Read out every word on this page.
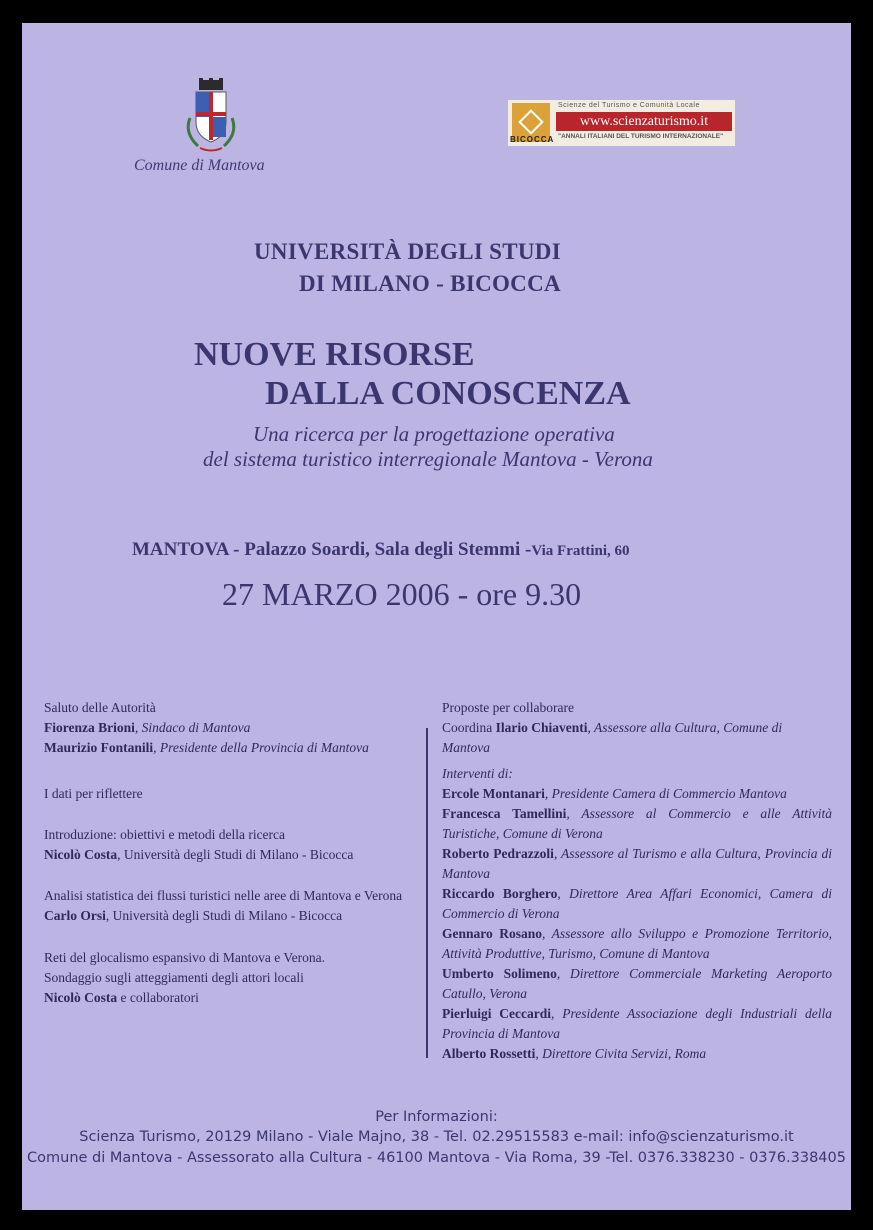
Comune di Mantova
BICOCCA
Scienze del Turismo e Comunità Locale
www.scienzaturismo.it
"ANNALI ITALIANI DEL TURISMO INTERNAZIONALE"
UNIVERSITÀ DEGLI STUDI
DI MILANO - BICOCCA
NUOVE RISORSE
DALLA CONOSCENZA
Una ricerca per la progettazione operativa
del sistema turistico interregionale Mantova - Verona
MANTOVA - Palazzo Soardi, Sala degli Stemmi -Via Frattini, 60
27 MARZO 2006 - ore 9.30

Saluto delle Autorità

Fiorenza Brioni, Sindaco di Mantova

Maurizio Fontanili, Presidente della Provincia di Mantova

I dati per riflettere

Introduzione: obiettivi e metodi della ricerca

Nicolò Costa, Università degli Studi di Milano - Bicocca

Analisi statistica dei flussi turistici nelle aree di Mantova e Verona

Carlo Orsi, Università degli Studi di Milano - Bicocca

Reti del glocalismo espansivo di Mantova e Verona.

Sondaggio sugli atteggiamenti degli attori locali

Nicolò Costa e collaboratori

Proposte per collaborare

Coordina Ilario Chiaventi, Assessore alla Cultura, Comune di Mantova

Interventi di:

Ercole Montanari, Presidente Camera di Commercio Mantova

Francesca Tamellini, Assessore al Commercio e alle Attività Turistiche, Comune di Verona

Roberto Pedrazzoli, Assessore al Turismo e alla Cultura, Provincia di Mantova

Riccardo Borghero, Direttore Area Affari Economici, Camera di Commercio di Verona

Gennaro Rosano, Assessore allo Sviluppo e Promozione Territorio, Attività Produttive, Turismo, Comune di Mantova

Umberto Solimeno, Direttore Commerciale Marketing Aeroporto Catullo, Verona

Pierluigi Ceccardi, Presidente Associazione degli Industriali della Provincia di Mantova

Alberto Rossetti, Direttore Civita Servizi, Roma

Per Informazioni:
Scienza Turismo, 20129 Milano - Viale Majno, 38 - Tel. 02.29515583 e-mail: info@scienzaturismo.it
Comune di Mantova - Assessorato alla Cultura - 46100 Mantova - Via Roma, 39 -Tel. 0376.338230 - 0376.338405
